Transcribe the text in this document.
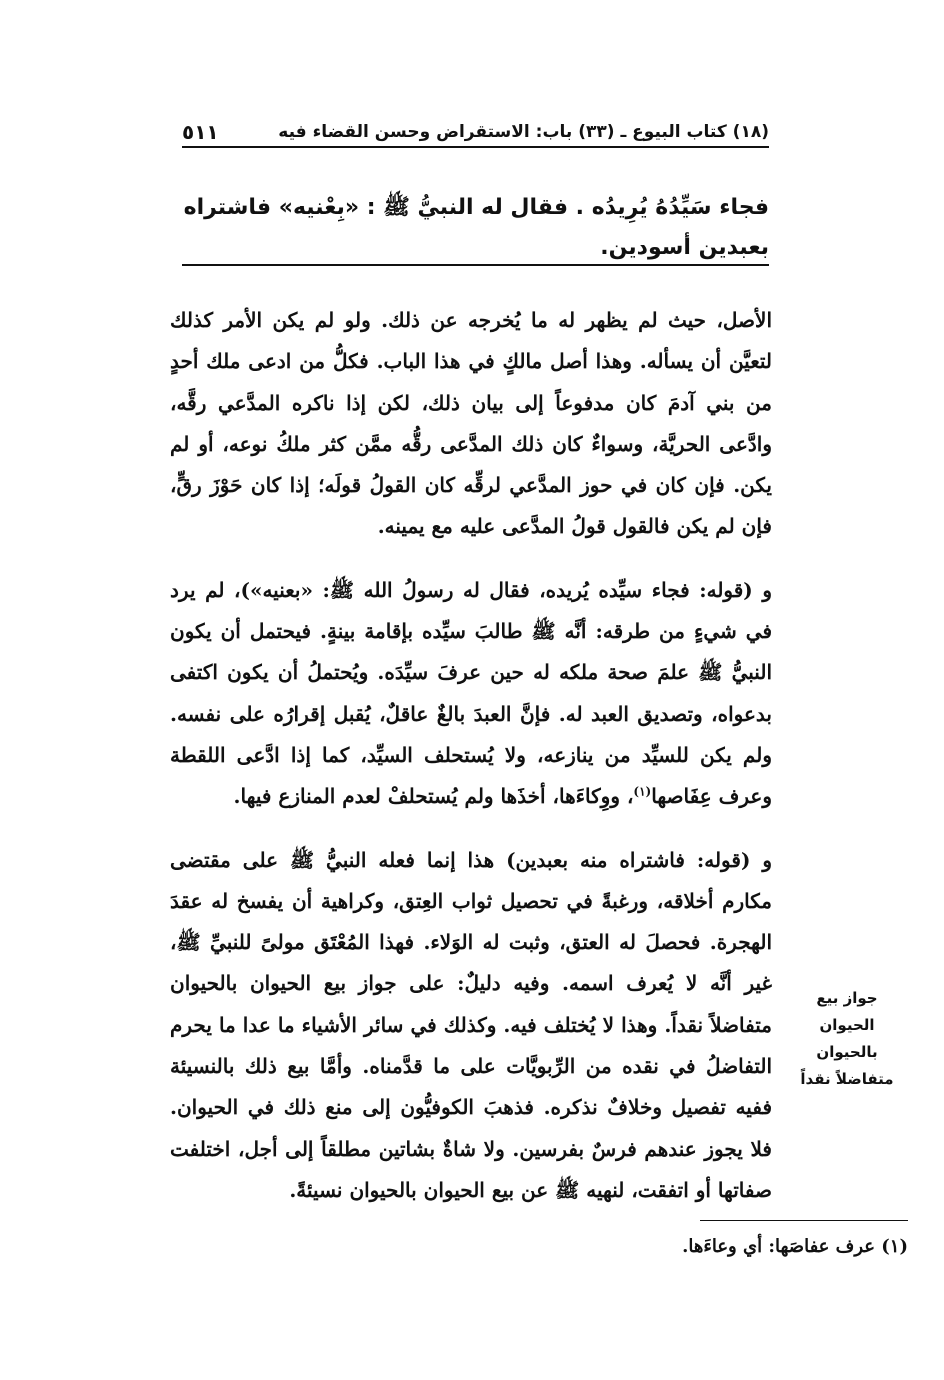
(١٨) كتاب البيوع ـ (٣٣) باب: الاستقراض وحسن القضاء فيه
٥١١
فجاء سَيِّدُهُ يُرِيدُه . فقال له النبيُّ ﷺ : «بِعْنيه» فاشتراه بعبدين أسودين.

الأصل، حيث لم يظهر له ما يُخرجه عن ذلك. ولو لم يكن الأمر كذلك لتعيَّن أن يسأله. وهذا أصل مالكٍ في هذا الباب. فكلُّ من ادعى ملك أحدٍ من بني آدمَ كان مدفوعاً إلى بيان ذلك، لكن إذا ناكره المدَّعي رقَّه، وادَّعى الحريَّة، وسواءٌ كان ذلك المدَّعى رقُّه ممَّن كثر ملكُ نوعه، أو لم يكن. فإن كان في حوز المدَّعي لرقِّه كان القولُ قولَه؛ إذا كان حَوْزَ رقٍّ، فإن لم يكن فالقول قولُ المدَّعى عليه مع يمينه.

و (قوله: فجاء سيِّده يُريده، فقال له رسولُ الله ﷺ: «بعنيه»)، لم يرد في شيءٍ من طرقه: أنَّه ﷺ طالبَ سيِّده بإقامة بينةٍ. فيحتمل أن يكون النبيُّ ﷺ علمَ صحة ملكه له حين عرفَ سيِّدَه. ويُحتملُ أن يكون اكتفى بدعواه، وتصديق العبد له. فإنَّ العبدَ بالغٌ عاقلٌ، يُقبل إقرارُه على نفسه. ولم يكن للسيِّد من ينازعه، ولا يُستحلف السيِّد، كما إذا ادَّعى اللقطة وعرف عِفَاصها$^{(١)}$، ووِكاءَها، أخذَها ولم يُستحلفْ لعدم المنازع فيها.

و (قوله: فاشتراه منه بعبدين) هذا إنما فعله النبيُّ ﷺ على مقتضى مكارم أخلاقه، ورغبةً في تحصيل ثواب العِتق، وكراهية أن يفسخ له عقدَ الهجرة. فحصلَ له العتق، وثبت له الوَلاء. فهذا المُعْتَق مولىً للنبيِّ ﷺ، غير أنَّه لا يُعرف اسمه. وفيه دليلٌ: على جواز بيع الحيوان بالحيوان متفاضلاً نقداً. وهذا لا يُختلف فيه. وكذلك في سائر الأشياء ما عدا ما يحرم التفاضلُ في نقده من الرِّبويَّات على ما قدَّمناه. وأمَّا بيع ذلك بالنسيئة ففيه تفصيل وخلافٌ نذكره. فذهبَ الكوفيُّون إلى منع ذلك في الحيوان. فلا يجوز عندهم فرسٌ بفرسين. ولا شاةٌ بشاتين مطلقاً إلى أجل، اختلفت صفاتها أو اتفقت، لنهيه ﷺ عن بيع الحيوان بالحيوان نسيئةً.

جواز بيع الحيوان بالحيوان متفاضلاً نقداً
(١) عرف عفاصَها: أي وعاءَها.
